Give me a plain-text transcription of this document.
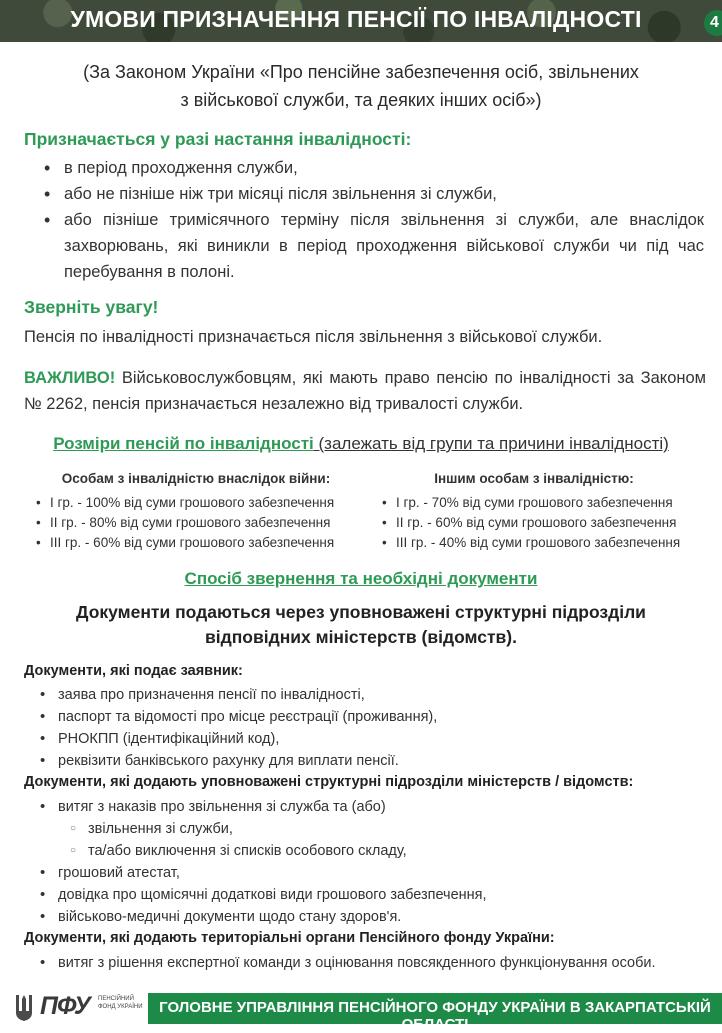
УМОВИ ПРИЗНАЧЕННЯ ПЕНСІЇ ПО ІНВАЛІДНОСТІ	4
(За Законом України «Про пенсійне забезпечення осіб, звільнених
з військової служби, та деяких інших осіб»)
Призначається у разі настання інвалідності:
• в період проходження служби,
• або не пізніше ніж три місяці після звільнення зі служби,
• або пізніше тримісячного терміну після звільнення зі служби, але внаслідок захворювань, які виникли в період проходження військової служби чи під час перебування в полоні.
Зверніть увагу!
Пенсія по інвалідності призначається після звільнення з військової служби.
ВАЖЛИВО! Військовослужбовцям, які мають право пенсію по інвалідності за Законом № 2262, пенсія призначається незалежно від тривалості служби.
Розміри пенсій по інвалідності (залежать від групи та причини інвалідності)
Особам з інвалідністю внаслідок війни:
• І гр. - 100% від суми грошового забезпечення
• ІІ гр. - 80% від суми грошового забезпечення
• ІІІ гр. - 60% від суми грошового забезпечення
Іншим особам з інвалідністю:
• І гр. - 70% від суми грошового забезпечення
• ІІ гр. - 60% від суми грошового забезпечення
• ІІІ гр. - 40% від суми грошового забезпечення
Спосіб звернення та необхідні документи
Документи подаються через уповноважені структурні підрозділи
відповідних міністерств (відомств).
Документи, які подає заявник:
• заява про призначення пенсії по інвалідності,
• паспорт та відомості про місце реєстрації (проживання),
• РНОКПП (ідентифікаційний код),
• реквізити банківського рахунку для виплати пенсії.
Документи, які додають уповноважені структурні підрозділи міністерств / відомств:
• витяг з наказів про звільнення зі служба та (або)
○ звільнення зі служби,
○ та/або виключення зі списків особового складу,
• грошовий атестат,
• довідка про щомісячні додаткові види грошового забезпечення,
• військово-медичні документи щодо стану здоров'я.
Документи, які додають територіальні органи Пенсійного фонду України:
• витяг з рішення експертної команди з оцінювання повсякденного функціонування особи.
ПФУ ПЕНСІЙНИЙ ФОНД УКРАЇНИ	ГОЛОВНЕ УПРАВЛІННЯ ПЕНСІЙНОГО ФОНДУ УКРАЇНИ В ЗАКАРПАТСЬКІЙ ОБЛАСТІ
